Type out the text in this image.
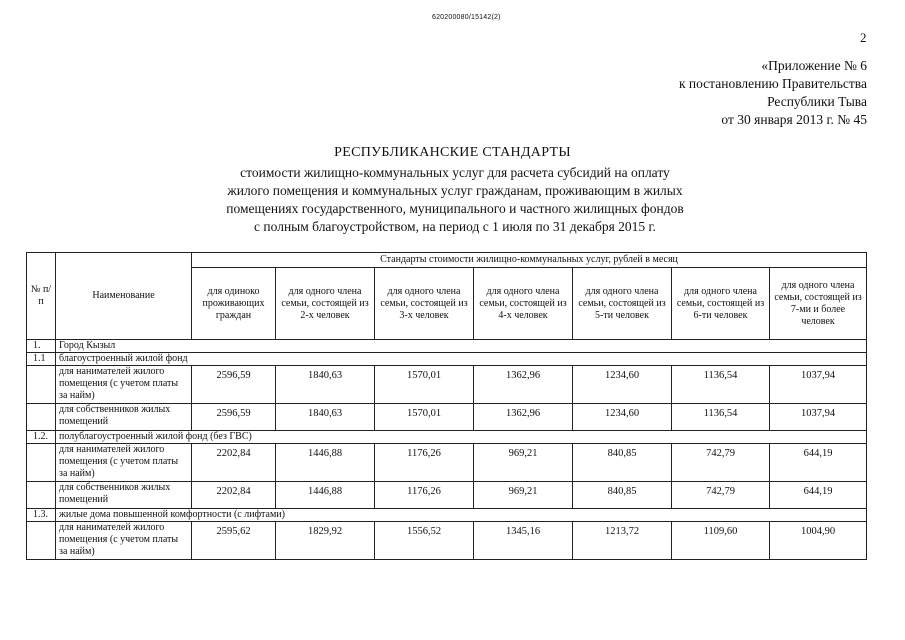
620200080/15142(2)
2
«Приложение № 6
к постановлению Правительства
Республики Тыва
от 30 января 2013 г. № 45
РЕСПУБЛИКАНСКИЕ СТАНДАРТЫ
стоимости жилищно-коммунальных услуг для расчета субсидий на оплату
жилого помещения и коммунальных услуг гражданам, проживающим в жилых
помещениях государственного, муниципального и частного жилищных фондов
с полным благоустройством, на период с 1 июля по 31 декабря 2015 г.
№ п/п	Наименование	Стандарты стоимости жилищно-коммунальных услуг, рублей в месяц						
		для одиноко проживающих граждан	для одного члена семьи, состоящей из 2-х человек	для одного члена семьи, состоящей из 3-х человек	для одного члена семьи, состоящей из 4-х человек	для одного члена семьи, состоящей из 5-ти человек	для одного члена семьи, состоящей из 6-ти человек	для одного члена семьи, состоящей из 7-ми и более человек
1.	Город Кызыл							
1.1	благоустроенный жилой фонд							
	для нанимателей жилого помещения (с учетом платы за найм)	2596,59	1840,63	1570,01	1362,96	1234,60	1136,54	1037,94
	для собственников жилых помещений	2596,59	1840,63	1570,01	1362,96	1234,60	1136,54	1037,94
1.2.	полублагоустроенный жилой фонд (без ГВС)							
	для нанимателей жилого помещения (с учетом платы за найм)	2202,84	1446,88	1176,26	969,21	840,85	742,79	644,19
	для собственников жилых помещений	2202,84	1446,88	1176,26	969,21	840,85	742,79	644,19
1.3.	жилые дома повышенной комфортности (с лифтами)							
	для нанимателей жилого помещения (с учетом платы за найм)	2595,62	1829,92	1556,52	1345,16	1213,72	1109,60	1004,90
